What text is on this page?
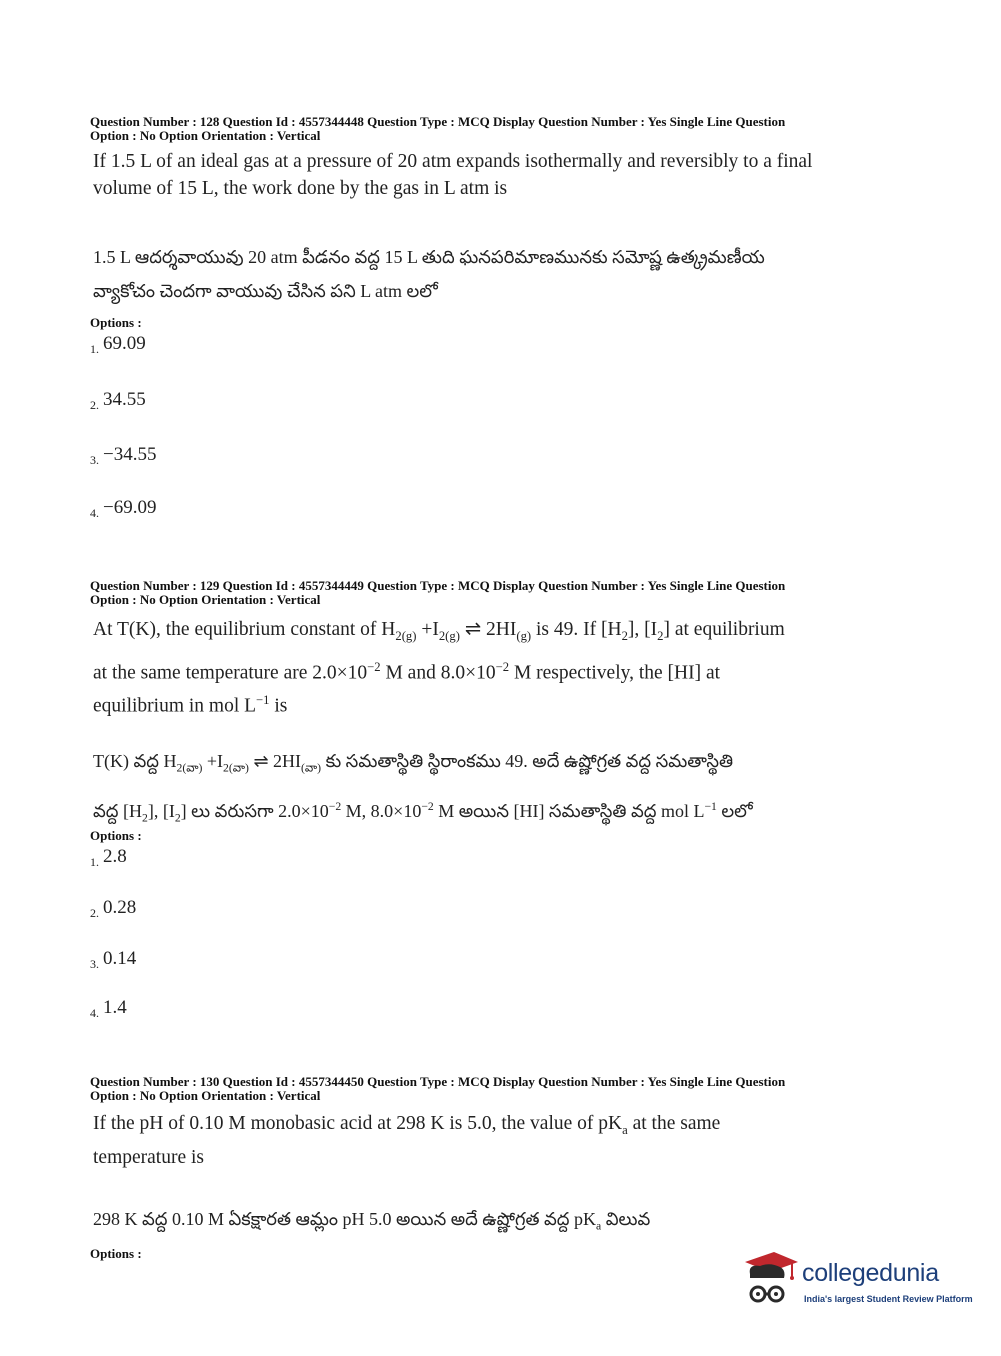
Question Number : 128 Question Id : 4557344448 Question Type : MCQ Display Question Number : Yes Single Line Question
Option : No Option Orientation : Vertical
If 1.5 L of an ideal gas at a pressure of 20 atm expands isothermally and reversibly to a final
volume of 15 L, the work done by the gas in L atm is
1.5 L ఆదర్శవాయువు 20 atm పీడనం వద్ద 15 L తుది ఘనపరిమాణమునకు సమోష్ణ ఉత్క్రమణీయ
వ్యాకోచం చెందగా వాయువు చేసిన పని L atm లలో
Options :
$_{1.}$ 69.09
$_{2.}$ 34.55
$_{3.}$ −34.55
$_{4.}$ −69.09
Question Number : 129 Question Id : 4557344449 Question Type : MCQ Display Question Number : Yes Single Line Question
Option : No Option Orientation : Vertical
At T(K), the equilibrium constant of $H_{2(g)} +I_{2(g)}$ ⇌ $2HI_{(g)}$ is 49. If $[H_2]$, $[I_2]$ at equilibrium
at the same temperature are $2.0\times 10^{-2}$ M and $8.0\times 10^{-2}$ M respectively, the [HI] at
equilibrium in mol $L^{-1}$ is
T(K) వద్ద $H_{2(వా)} +I_{2(వా)}$ ⇌ $2HI_{(వా)}$ కు సమతాస్థితి స్థిరాంకము 49. అదే ఉష్ణోగ్రత వద్ద సమతాస్థితి
వద్ద $[H_2]$, $[I_2]$ లు వరుసగా $2.0\times 10^{-2}$ M, $8.0\times 10^{-2}$ M అయిన [HI] సమతాస్థితి వద్ద mol $L^{-1}$ లలో
Options :
$_{1.}$ 2.8
$_{2.}$ 0.28
$_{3.}$ 0.14
$_{4.}$ 1.4
Question Number : 130 Question Id : 4557344450 Question Type : MCQ Display Question Number : Yes Single Line Question
Option : No Option Orientation : Vertical
If the pH of 0.10 M monobasic acid at 298 K is 5.0, the value of $pK_a$ at the same
temperature is
298 K వద్ద 0.10 M ఏకక్షారత ఆమ్లం pH 5.0 అయిన అదే ఉష్ణోగ్రత వద్ద $pK_a$ విలువ
Options :
collegedunia
India's largest Student Review Platform
